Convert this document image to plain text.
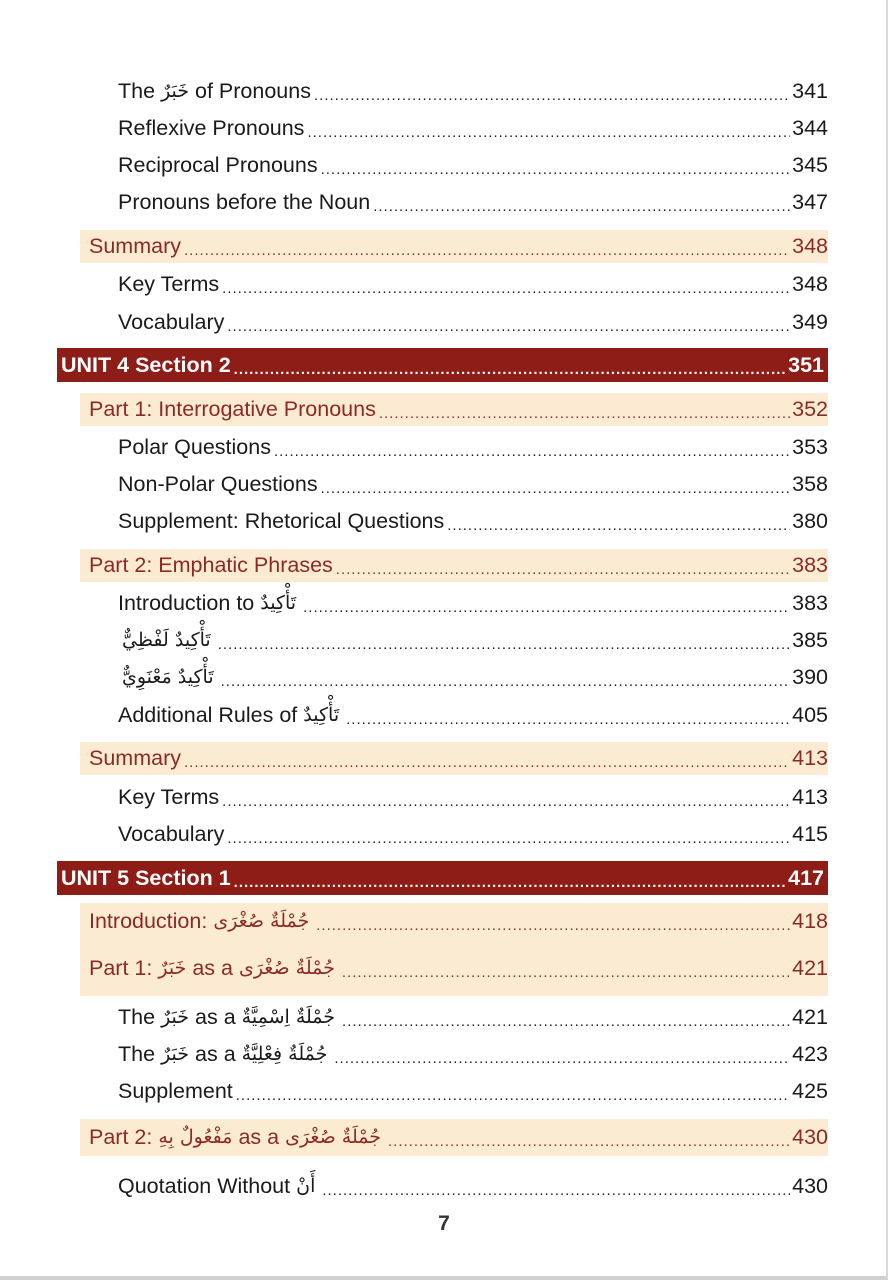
The خَبَرٌ of Pronouns .....	341
Reflexive Pronouns .....	344
Reciprocal Pronouns .....	345
Pronouns before the Noun .....	347
Summary .....	348
Key Terms .....	348
Vocabulary .....	349
UNIT 4 Section 2 .....	351
Part 1: Interrogative Pronouns .....	352
Polar Questions .....	353
Non-Polar Questions .....	358
Supplement: Rhetorical Questions .....	380
Part 2: Emphatic Phrases .....	383
Introduction to تَأْكِيدٌ .....	383
تَأْكِيدٌ لَفْظِيٌّ .....	385
تَأْكِيدٌ مَعْنَوِيٌّ .....	390
Additional Rules of تَأْكِيدٌ .....	405
Summary .....	413
Key Terms .....	413
Vocabulary .....	415
UNIT 5 Section 1 .....	417
Introduction: جُمْلَةٌ صُغْرَى .....	418
Part 1: خَبَرٌ as a جُمْلَةٌ صُغْرَى .....	421
The خَبَرٌ as a جُمْلَةٌ اِسْمِيَّةٌ .....	421
The خَبَرٌ as a جُمْلَةٌ فِعْلِيَّةٌ .....	423
Supplement .....	425
Part 2: مَفْعُولٌ بِهِ as a جُمْلَةٌ صُغْرَى .....	430
Quotation Without أَنْ .....	430
7
